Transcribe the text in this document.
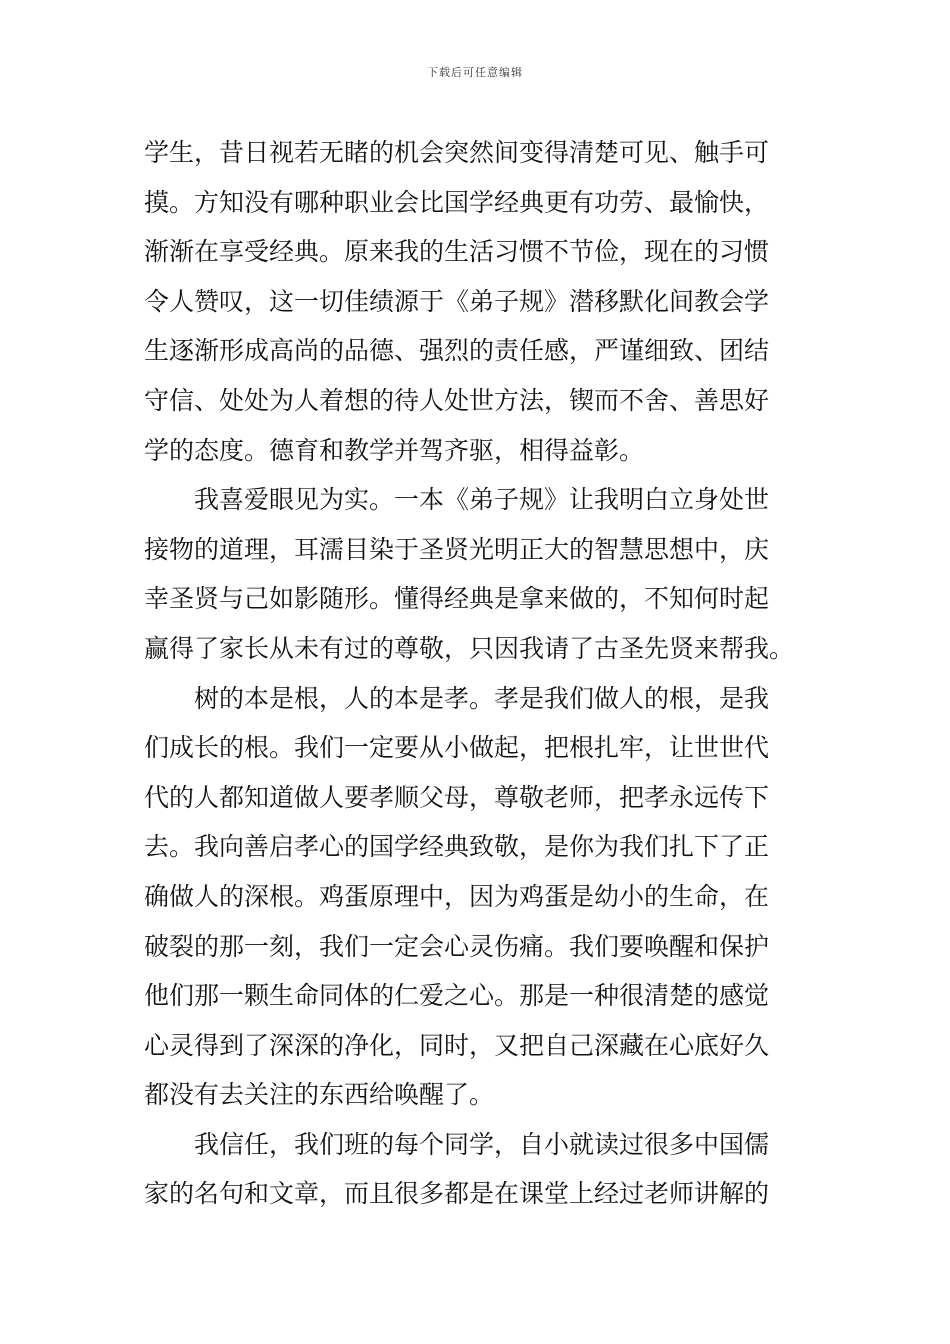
下载后可任意编辑
学生，昔日视若无睹的机会突然间变得清楚可见、触手可
摸。方知没有哪种职业会比国学经典更有功劳、最愉快，
渐渐在享受经典。原来我的生活习惯不节俭，现在的习惯
令人赞叹，这一切佳绩源于《弟子规》潜移默化间教会学
生逐渐形成高尚的品德、强烈的责任感，严谨细致、团结
守信、处处为人着想的待人处世方法，锲而不舍、善思好
学的态度。德育和教学并驾齐驱，相得益彰。
我喜爱眼见为实。一本《弟子规》让我明白立身处世
接物的道理，耳濡目染于圣贤光明正大的智慧思想中，庆
幸圣贤与己如影随形。懂得经典是拿来做的，不知何时起
赢得了家长从未有过的尊敬，只因我请了古圣先贤来帮我。
树的本是根，人的本是孝。孝是我们做人的根，是我
们成长的根。我们一定要从小做起，把根扎牢，让世世代
代的人都知道做人要孝顺父母，尊敬老师，把孝永远传下
去。我向善启孝心的国学经典致敬，是你为我们扎下了正
确做人的深根。鸡蛋原理中，因为鸡蛋是幼小的生命，在
破裂的那一刻，我们一定会心灵伤痛。我们要唤醒和保护
他们那一颗生命同体的仁爱之心。那是一种很清楚的感觉
心灵得到了深深的净化，同时，又把自己深藏在心底好久
都没有去关注的东西给唤醒了。
我信任，我们班的每个同学，自小就读过很多中国儒
家的名句和文章，而且很多都是在课堂上经过老师讲解的
